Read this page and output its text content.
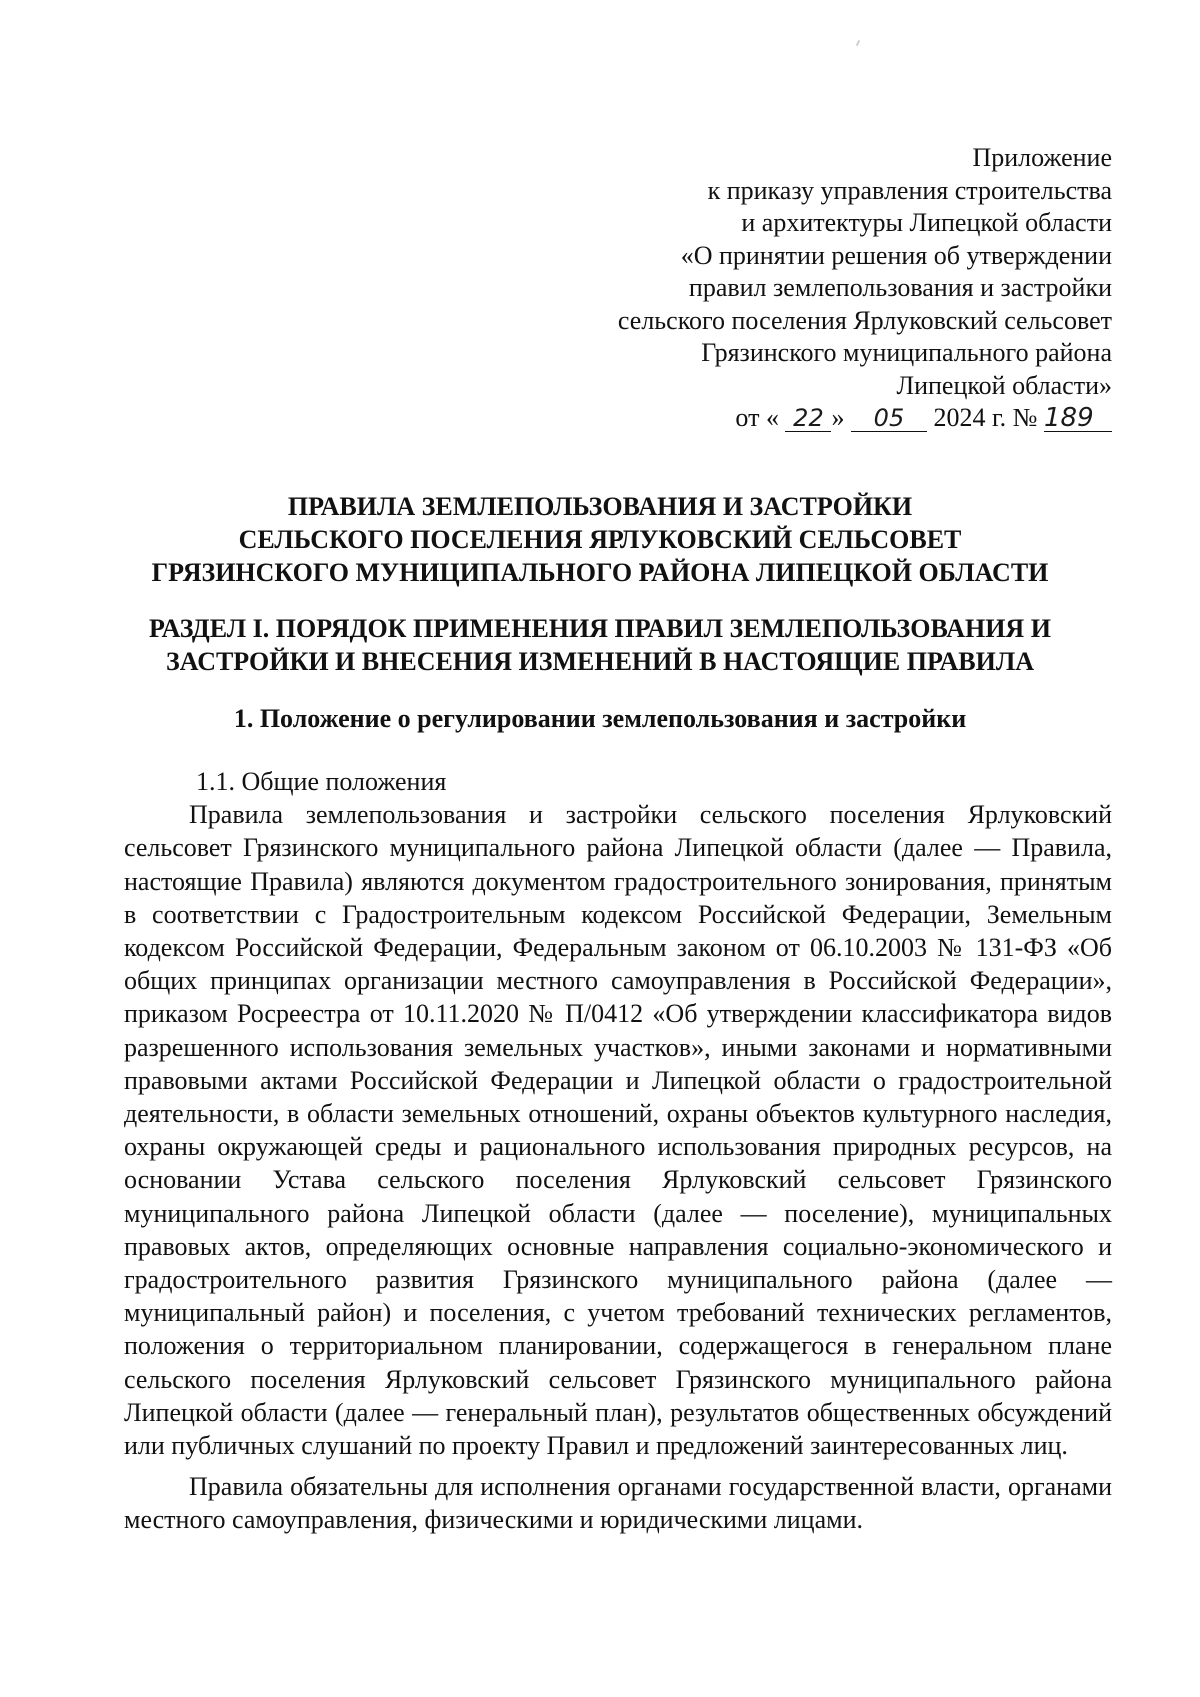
Приложение
к приказу управления строительства
и архитектуры Липецкой области
«О принятии решения об утверждении
правил землепользования и застройки
сельского поселения Ярлуковский сельсовет
Грязинского муниципального района
Липецкой области»
от « 22 » 05 2024 г. № 189
ПРАВИЛА ЗЕМЛЕПОЛЬЗОВАНИЯ И ЗАСТРОЙКИ
СЕЛЬСКОГО ПОСЕЛЕНИЯ ЯРЛУКОВСКИЙ СЕЛЬСОВЕТ
ГРЯЗИНСКОГО МУНИЦИПАЛЬНОГО РАЙОНА ЛИПЕЦКОЙ ОБЛАСТИ
РАЗДЕЛ I. ПОРЯДОК ПРИМЕНЕНИЯ ПРАВИЛ ЗЕМЛЕПОЛЬЗОВАНИЯ И
ЗАСТРОЙКИ И ВНЕСЕНИЯ ИЗМЕНЕНИЙ В НАСТОЯЩИЕ ПРАВИЛА
1. Положение о регулировании землепользования и застройки

1.1. Общие положения

Правила землепользования и застройки сельского поселения Ярлуковский сельсовет Грязинского муниципального района Липецкой области (далее — Правила, настоящие Правила) являются документом градостроительного зонирования, принятым в соответствии с Градостроительным кодексом Российской Федерации, Земельным кодексом Российской Федерации, Федеральным законом от 06.10.2003 № 131-ФЗ «Об общих принципах организации местного самоуправления в Российской Федерации», приказом Росреестра от 10.11.2020 № П/0412 «Об утверждении классификатора видов разрешенного использования земельных участков», иными законами и нормативными правовыми актами Российской Федерации и Липецкой области о градостроительной деятельности, в области земельных отношений, охраны объектов культурного наследия, охраны окружающей среды и рационального использования природных ресурсов, на основании Устава сельского поселения Ярлуковский сельсовет Грязинского муниципального района Липецкой области (далее — поселение), муниципальных правовых актов, определяющих основные направления социально-экономического и градостроительного развития Грязинского муниципального района (далее — муниципальный район) и поселения, с учетом требований технических регламентов, положения о территориальном планировании, содержащегося в генеральном плане сельского поселения Ярлуковский сельсовет Грязинского муниципального района Липецкой области (далее — генеральный план), результатов общественных обсуждений или публичных слушаний по проекту Правил и предложений заинтересованных лиц.

Правила обязательны для исполнения органами государственной власти, органами местного самоуправления, физическими и юридическими лицами.
